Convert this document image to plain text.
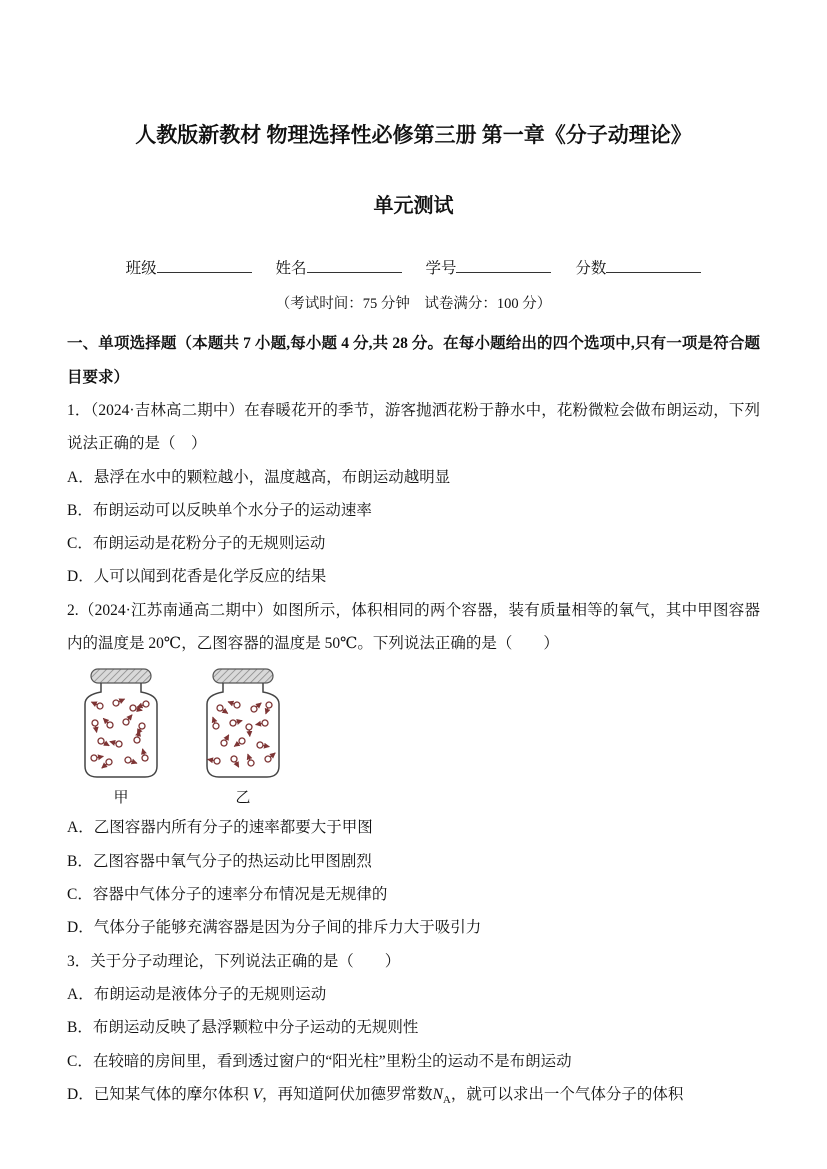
人教版新教材 物理选择性必修第三册 第一章《分子动理论》
单元测试
班级	姓名	学号	分数
（考试时间：75 分钟　试卷满分：100 分）
一、单项选择题（本题共 7 小题,每小题 4 分,共 28 分。在每小题给出的四个选项中,只有一项是符合题目要求）

1．（2024·吉林高二期中）在春暖花开的季节，游客抛洒花粉于静水中，花粉微粒会做布朗运动，下列说法正确的是（　）

A．悬浮在水中的颗粒越小，温度越高，布朗运动越明显

B．布朗运动可以反映单个水分子的运动速率

C．布朗运动是花粉分子的无规则运动

D．人可以闻到花香是化学反应的结果

2.（2024·江苏南通高二期中）如图所示，体积相同的两个容器，装有质量相等的氧气，其中甲图容器内的温度是 20℃，乙图容器的温度是 50℃。下列说法正确的是（　　）

甲	乙

A．乙图容器内所有分子的速率都要大于甲图

B．乙图容器中氧气分子的热运动比甲图剧烈

C．容器中气体分子的速率分布情况是无规律的

D．气体分子能够充满容器是因为分子间的排斥力大于吸引力

3．关于分子动理论，下列说法正确的是（　　）

A．布朗运动是液体分子的无规则运动

B．布朗运动反映了悬浮颗粒中分子运动的无规则性

C．在较暗的房间里，看到透过窗户的“阳光柱”里粉尘的运动不是布朗运动

D．已知某气体的摩尔体积 V，再知道阿伏加德罗常数$N_A$，就可以求出一个气体分子的体积
